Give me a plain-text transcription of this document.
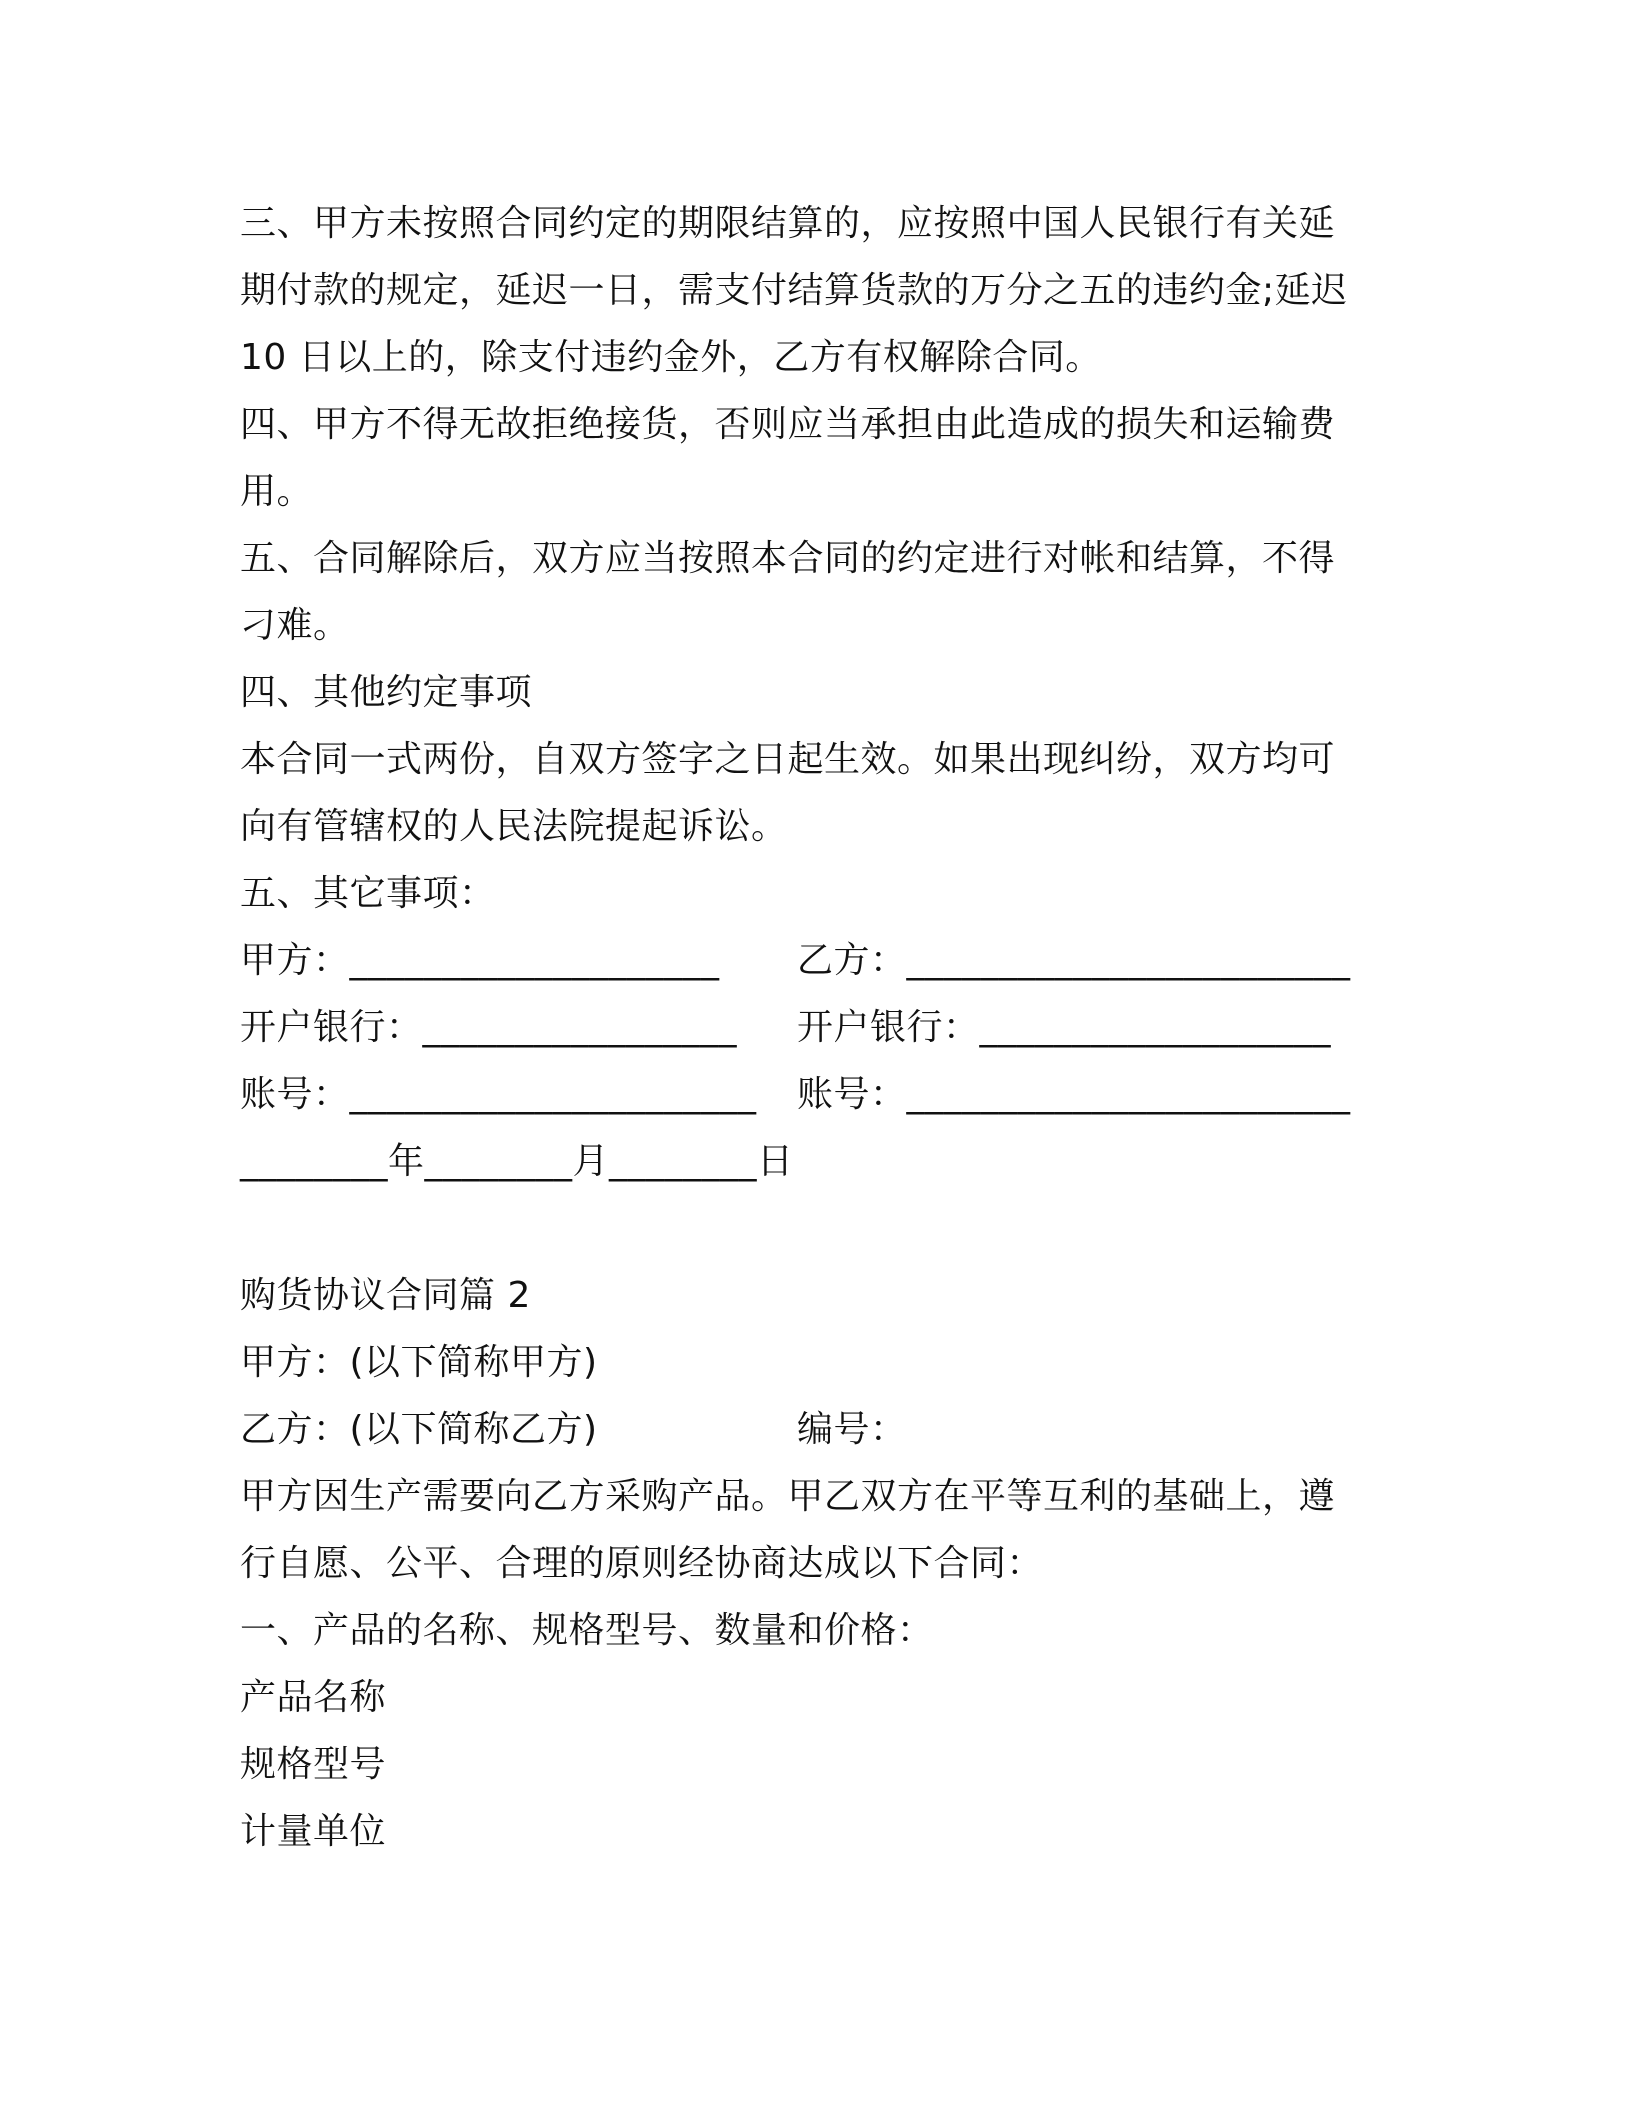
三、甲方未按照合同约定的期限结算的，应按照中国人民银行有关延期付款的规定，延迟一日，需支付结算货款的万分之五的违约金;延迟 10 日以上的，除支付违约金外，乙方有权解除合同。

四、甲方不得无故拒绝接货，否则应当承担由此造成的损失和运输费用。

五、合同解除后，双方应当按照本合同的约定进行对帐和结算，不得刁难。

四、其他约定事项

本合同一式两份，自双方签字之日起生效。如果出现纠纷，双方均可向有管辖权的人民法院提起诉讼。

五、其它事项：

甲方：____________________	乙方：________________________
开户银行：_________________	开户银行：___________________
账号：______________________	账号：________________________
________年________月________日

购货协议合同篇 2

甲方：(以下简称甲方)

乙方：(以下简称乙方)	编号：

甲方因生产需要向乙方采购产品。甲乙双方在平等互利的基础上，遵行自愿、公平、合理的原则经协商达成以下合同：

一、产品的名称、规格型号、数量和价格：

产品名称

规格型号

计量单位
